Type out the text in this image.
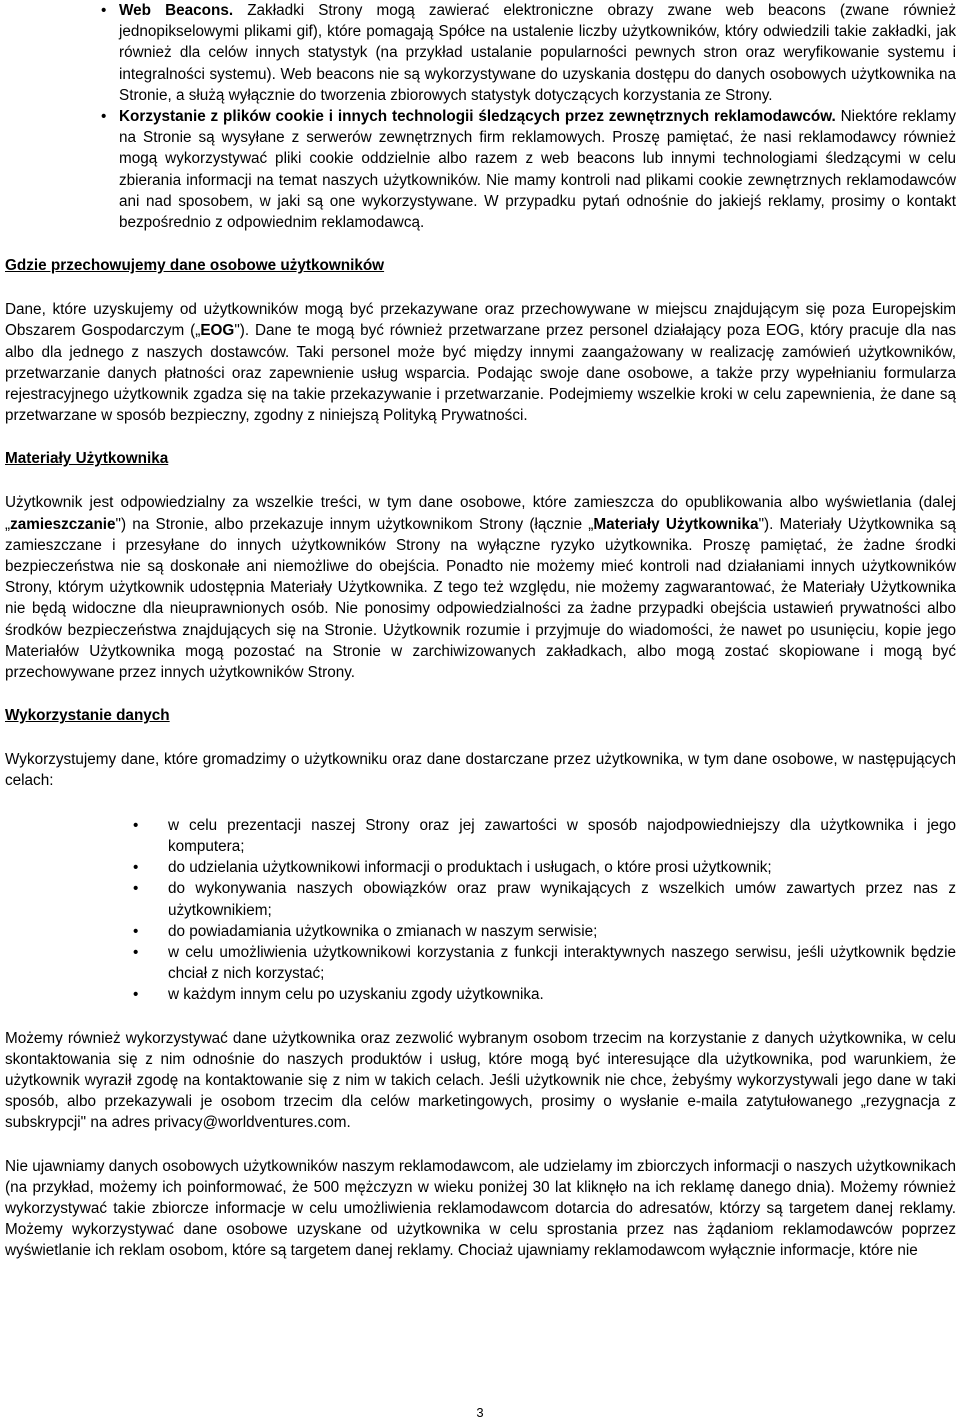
• Web Beacons. Zakładki Strony mogą zawierać elektroniczne obrazy zwane web beacons (zwane również jednopikselowymi plikami gif), które pomagają Spółce na ustalenie liczby użytkowników, który odwiedzili takie zakładki, jak również dla celów innych statystyk (na przykład ustalanie popularności pewnych stron oraz weryfikowanie systemu i integralności systemu). Web beacons nie są wykorzystywane do uzyskania dostępu do danych osobowych użytkownika na Stronie, a służą wyłącznie do tworzenia zbiorowych statystyk dotyczących korzystania ze Strony.
• Korzystanie z plików cookie i innych technologii śledzących przez zewnętrznych reklamodawców. Niektóre reklamy na Stronie są wysyłane z serwerów zewnętrznych firm reklamowych. Proszę pamiętać, że nasi reklamodawcy również mogą wykorzystywać pliki cookie oddzielnie albo razem z web beacons lub innymi technologiami śledzącymi w celu zbierania informacji na temat naszych użytkowników. Nie mamy kontroli nad plikami cookie zewnętrznych reklamodawców ani nad sposobem, w jaki są one wykorzystywane. W przypadku pytań odnośnie do jakiejś reklamy, prosimy o kontakt bezpośrednio z odpowiednim reklamodawcą.
Gdzie przechowujemy dane osobowe użytkowników

Dane, które uzyskujemy od użytkowników mogą być przekazywane oraz przechowywane w miejscu znajdującym się poza Europejskim Obszarem Gospodarczym („EOG"). Dane te mogą być również przetwarzane przez personel działający poza EOG, który pracuje dla nas albo dla jednego z naszych dostawców. Taki personel może być między innymi zaangażowany w realizację zamówień użytkowników, przetwarzanie danych płatności oraz zapewnienie usług wsparcia. Podając swoje dane osobowe, a także przy wypełnianiu formularza rejestracyjnego użytkownik zgadza się na takie przekazywanie i przetwarzanie. Podejmiemy wszelkie kroki w celu zapewnienia, że dane są przetwarzane w sposób bezpieczny, zgodny z niniejszą Polityką Prywatności.

Materiały Użytkownika

Użytkownik jest odpowiedzialny za wszelkie treści, w tym dane osobowe, które zamieszcza do opublikowania albo wyświetlania (dalej „zamieszczanie") na Stronie, albo przekazuje innym użytkownikom Strony (łącznie „Materiały Użytkownika"). Materiały Użytkownika są zamieszczane i przesyłane do innych użytkowników Strony na wyłączne ryzyko użytkownika. Proszę pamiętać, że żadne środki bezpieczeństwa nie są doskonałe ani niemożliwe do obejścia. Ponadto nie możemy mieć kontroli nad działaniami innych użytkowników Strony, którym użytkownik udostępnia Materiały Użytkownika. Z tego też względu, nie możemy zagwarantować, że Materiały Użytkownika nie będą widoczne dla nieuprawnionych osób. Nie ponosimy odpowiedzialności za żadne przypadki obejścia ustawień prywatności albo środków bezpieczeństwa znajdujących się na Stronie. Użytkownik rozumie i przyjmuje do wiadomości, że nawet po usunięciu, kopie jego Materiałów Użytkownika mogą pozostać na Stronie w zarchiwizowanych zakładkach, albo mogą zostać skopiowane i mogą być przechowywane przez innych użytkowników Strony.

Wykorzystanie danych

Wykorzystujemy dane, które gromadzimy o użytkowniku oraz dane dostarczane przez użytkownika, w tym dane osobowe, w następujących celach:

• w celu prezentacji naszej Strony oraz jej zawartości w sposób najodpowiedniejszy dla użytkownika i jego komputera;
• do udzielania użytkownikowi informacji o produktach i usługach, o które prosi użytkownik;
• do wykonywania naszych obowiązków oraz praw wynikających z wszelkich umów zawartych przez nas z użytkownikiem;
• do powiadamiania użytkownika o zmianach w naszym serwisie;
• w celu umożliwienia użytkownikowi korzystania z funkcji interaktywnych naszego serwisu, jeśli użytkownik będzie chciał z nich korzystać;
• w każdym innym celu po uzyskaniu zgody użytkownika.

Możemy również wykorzystywać dane użytkownika oraz zezwolić wybranym osobom trzecim na korzystanie z danych użytkownika, w celu skontaktowania się z nim odnośnie do naszych produktów i usług, które mogą być interesujące dla użytkownika, pod warunkiem, że użytkownik wyraził zgodę na kontaktowanie się z nim w takich celach. Jeśli użytkownik nie chce, żebyśmy wykorzystywali jego dane w taki sposób, albo przekazywali je osobom trzecim dla celów marketingowych, prosimy o wysłanie e-maila zatytułowanego „rezygnacja z subskrypcji" na adres privacy@worldventures.com.

Nie ujawniamy danych osobowych użytkowników naszym reklamodawcom, ale udzielamy im zbiorczych informacji o naszych użytkownikach (na przykład, możemy ich poinformować, że 500 mężczyzn w wieku poniżej 30 lat kliknęło na ich reklamę danego dnia). Możemy również wykorzystywać takie zbiorcze informacje w celu umożliwienia reklamodawcom dotarcia do adresatów, którzy są targetem danej reklamy. Możemy wykorzystywać dane osobowe uzyskane od użytkownika w celu sprostania przez nas żądaniom reklamodawców poprzez wyświetlanie ich reklam osobom, które są targetem danej reklamy. Chociaż ujawniamy reklamodawcom wyłącznie informacje, które nie

3
